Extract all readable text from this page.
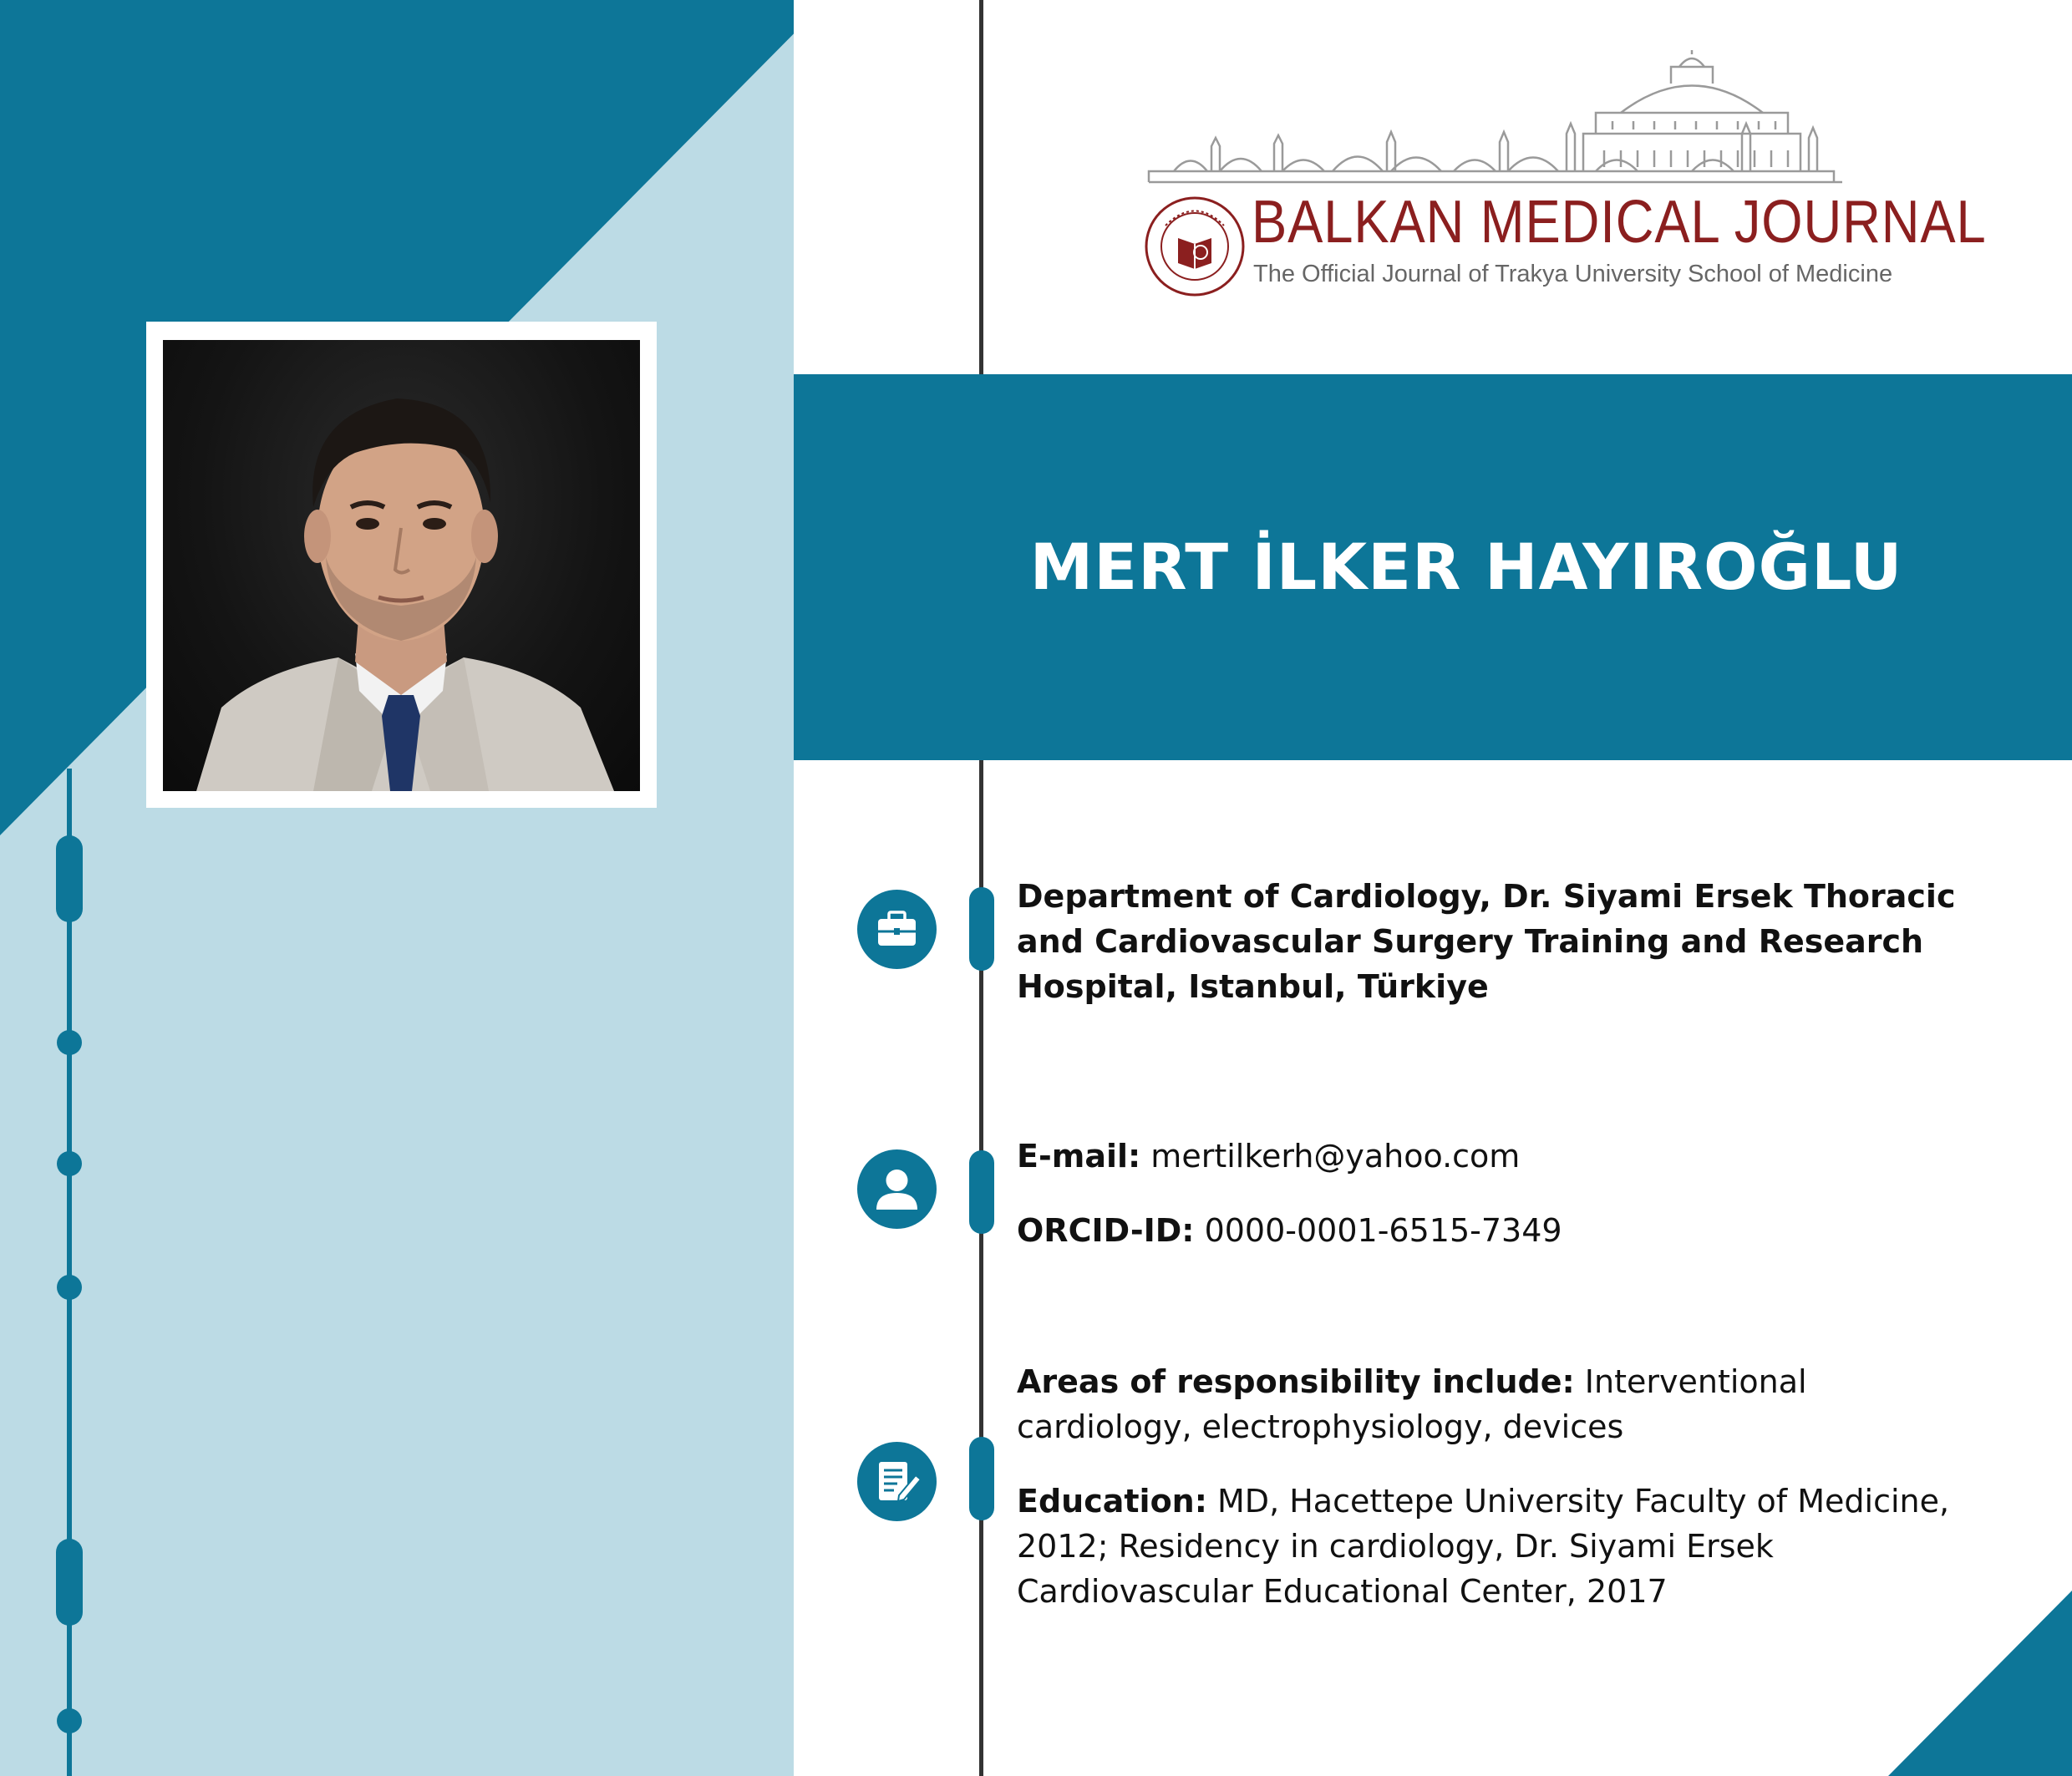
BALKAN MEDICAL JOURNAL
The Official Journal of Trakya University School of Medicine
MERT İLKER HAYIROĞLU
Department of Cardiology, Dr. Siyami Ersek Thoracic and Cardiovascular Surgery Training and Research Hospital, Istanbul, Türkiye
E-mail: mertilkerh@yahoo.com
ORCID-ID: 0000-0001-6515-7349
Areas of responsibility include: Interventional cardiology, electrophysiology, devices
Education: MD, Hacettepe University Faculty of Medicine, 2012; Residency in cardiology, Dr. Siyami Ersek Cardiovascular Educational Center, 2017
